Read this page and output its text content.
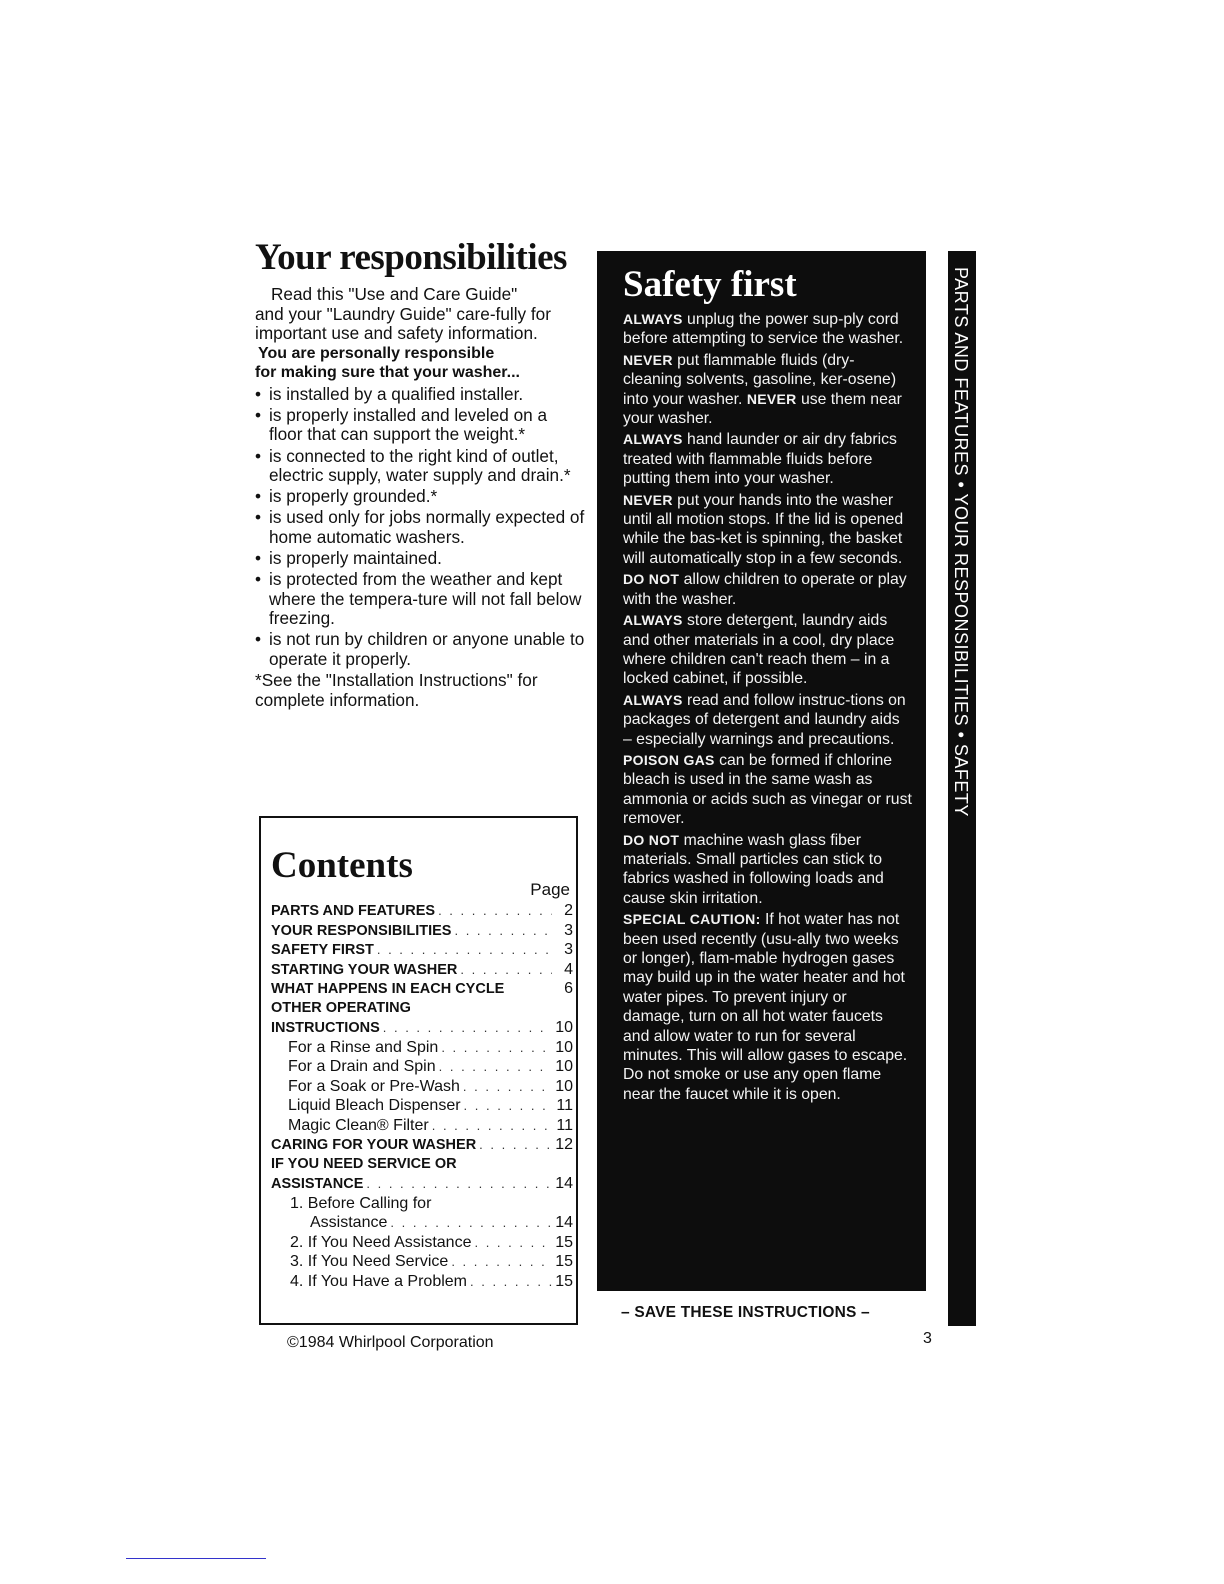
Your responsibilities

Read this "Use and Care Guide"

and your "Laundry Guide" care-fully for important use and safety information.

You are personally responsible
for making sure that your washer...

• is installed by a qualified installer.
• is properly installed and leveled on a floor that can support the weight.*
• is connected to the right kind of outlet, electric supply, water supply and drain.*
• is properly grounded.*
• is used only for jobs normally expected of home automatic washers.
• is properly maintained.
• is protected from the weather and kept where the tempera-ture will not fall below freezing.
• is not run by children or anyone unable to operate it properly.

*See the "Installation Instructions" for complete information.

Contents
Page
PARTS AND FEATURES . . .	2
YOUR RESPONSIBILITIES . . .	3
SAFETY FIRST . . .	3
STARTING YOUR WASHER . . .	4
WHAT HAPPENS IN EACH CYCLE	6
OTHER OPERATING
INSTRUCTIONS . . .	10
For a Rinse and Spin . . .	10
For a Drain and Spin . . .	10
For a Soak or Pre-Wash . . .	10
Liquid Bleach Dispenser . . .	11
Magic Clean® Filter . . .	11
CARING FOR YOUR WASHER . . .	12
IF YOU NEED SERVICE OR
ASSISTANCE . . .	14
1. Before Calling for
Assistance . . .	14
2. If You Need Assistance . . .	15
3. If You Need Service . . .	15
4. If You Have a Problem . . .	15
©1984 Whirlpool Corporation
Safety first

ALWAYS unplug the power sup-ply cord before attempting to service the washer.

NEVER put flammable fluids (dry-cleaning solvents, gasoline, ker-osene) into your washer. NEVER use them near your washer.

ALWAYS hand launder or air dry fabrics treated with flammable fluids before putting them into your washer.

NEVER put your hands into the washer until all motion stops. If the lid is opened while the bas-ket is spinning, the basket will automatically stop in a few seconds.

DO NOT allow children to operate or play with the washer.

ALWAYS store detergent, laundry aids and other materials in a cool, dry place where children can't reach them – in a locked cabinet, if possible.

ALWAYS read and follow instruc-tions on packages of detergent and laundry aids – especially warnings and precautions.

POISON GAS can be formed if chlorine bleach is used in the same wash as ammonia or acids such as vinegar or rust remover.

DO NOT machine wash glass fiber materials. Small particles can stick to fabrics washed in following loads and cause skin irritation.

SPECIAL CAUTION: If hot water has not been used recently (usu-ally two weeks or longer), flam-mable hydrogen gases may build up in the water heater and hot water pipes. To prevent injury or damage, turn on all hot water faucets and allow water to run for several minutes. This will allow gases to escape. Do not smoke or use any open flame near the faucet while it is open.

– SAVE THESE INSTRUCTIONS –
3
PARTS AND FEATURES • YOUR RESPONSIBILITIES • SAFETY
